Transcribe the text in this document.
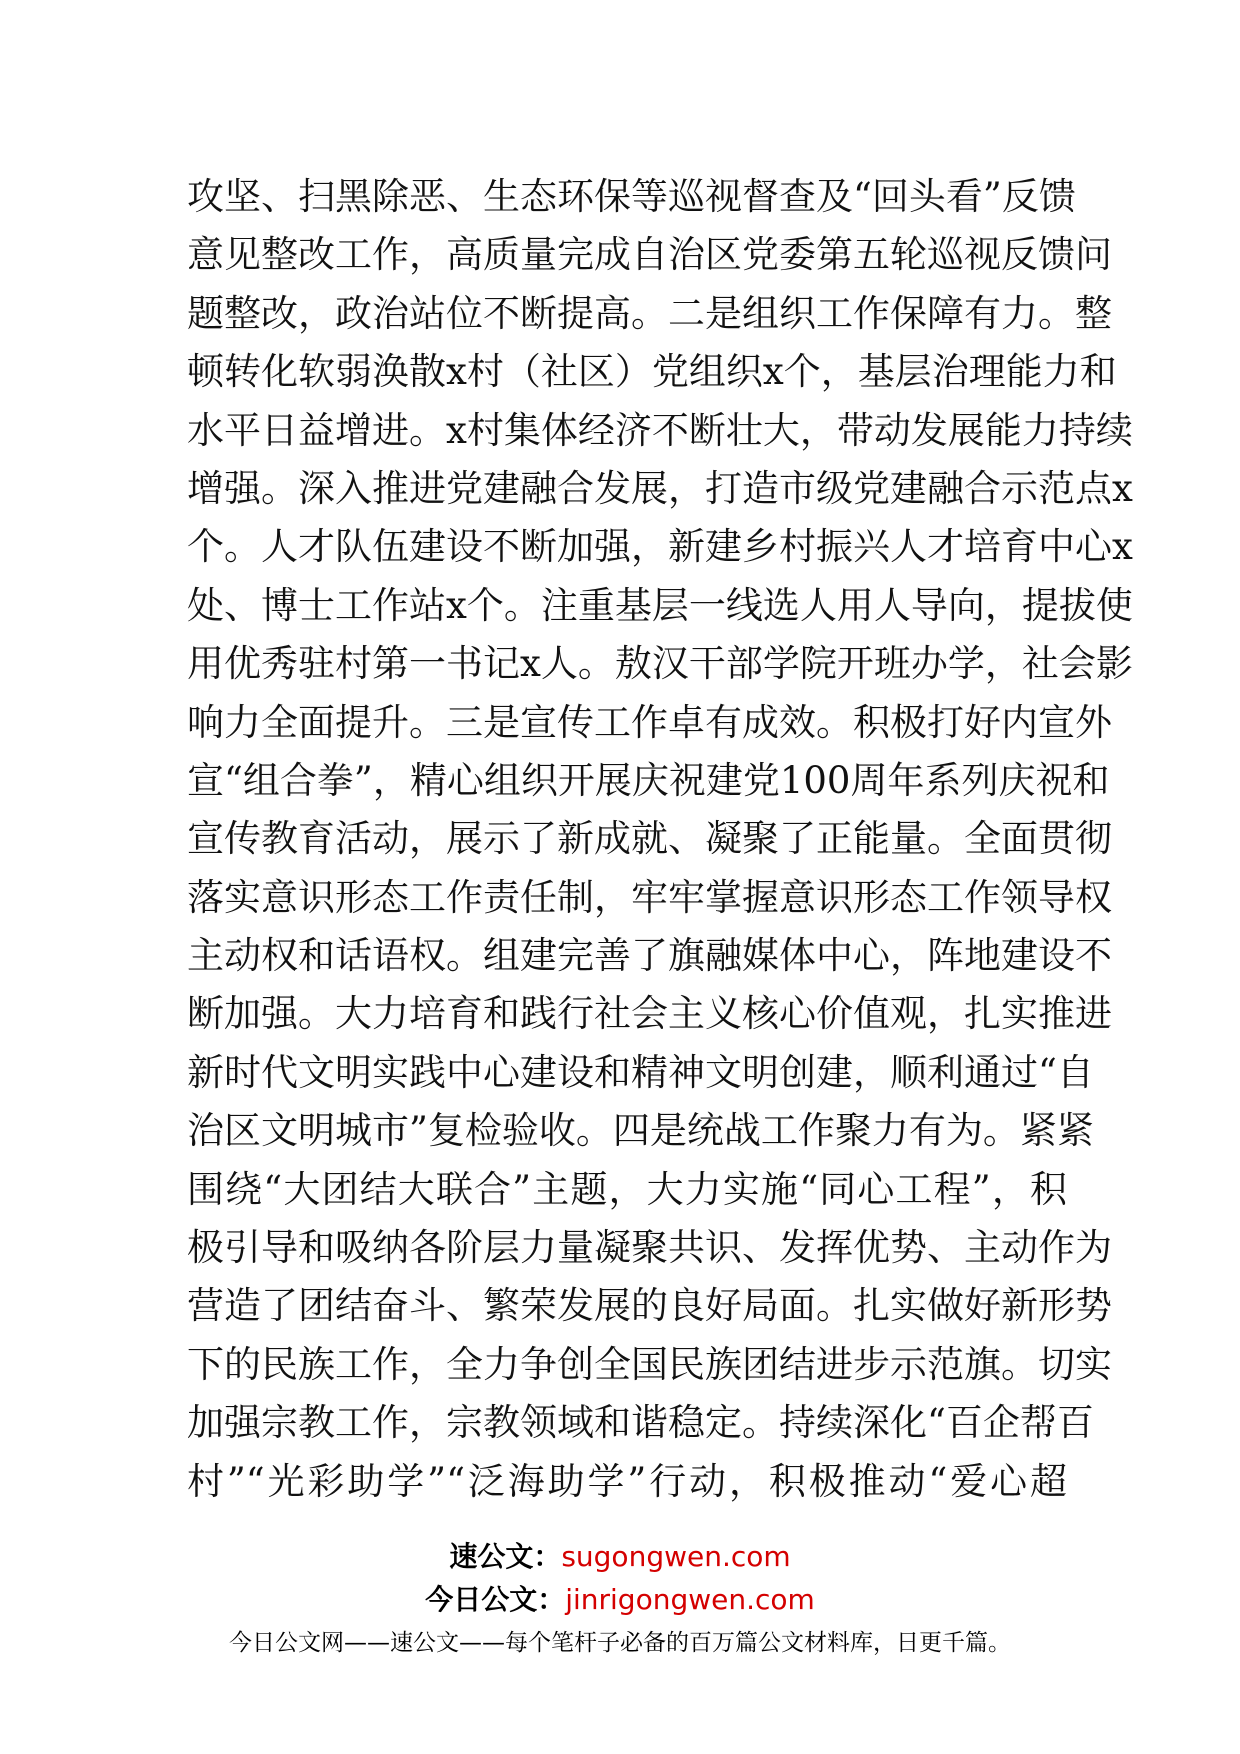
攻坚、扫黑除恶、生态环保等巡视督查及“回头看”反馈
意见整改工作，高质量完成自治区党委第五轮巡视反馈问
题整改，政治站位不断提高。二是组织工作保障有力。整
顿转化软弱涣散x村（社区）党组织x个，基层治理能力和
水平日益增进。x村集体经济不断壮大，带动发展能力持续
增强。深入推进党建融合发展，打造市级党建融合示范点x
个。人才队伍建设不断加强，新建乡村振兴人才培育中心x
处、博士工作站x个。注重基层一线选人用人导向，提拔使
用优秀驻村第一书记x人。敖汉干部学院开班办学，社会影
响力全面提升。三是宣传工作卓有成效。积极打好内宣外
宣“组合拳”，精心组织开展庆祝建党100周年系列庆祝和
宣传教育活动，展示了新成就、凝聚了正能量。全面贯彻
落实意识形态工作责任制，牢牢掌握意识形态工作领导权
主动权和话语权。组建完善了旗融媒体中心，阵地建设不
断加强。大力培育和践行社会主义核心价值观，扎实推进
新时代文明实践中心建设和精神文明创建，顺利通过“自
治区文明城市”复检验收。四是统战工作聚力有为。紧紧
围绕“大团结大联合”主题，大力实施“同心工程”，积
极引导和吸纳各阶层力量凝聚共识、发挥优势、主动作为
营造了团结奋斗、繁荣发展的良好局面。扎实做好新形势
下的民族工作，全力争创全国民族团结进步示范旗。切实
加强宗教工作，宗教领域和谐稳定。持续深化“百企帮百
村”“光彩助学”“泛海助学”行动，积极推动“爱心超
速公文：sugongwen.com
今日公文：jinrigongwen.com
今日公文网——速公文——每个笔杆子必备的百万篇公文材料库，日更千篇。
